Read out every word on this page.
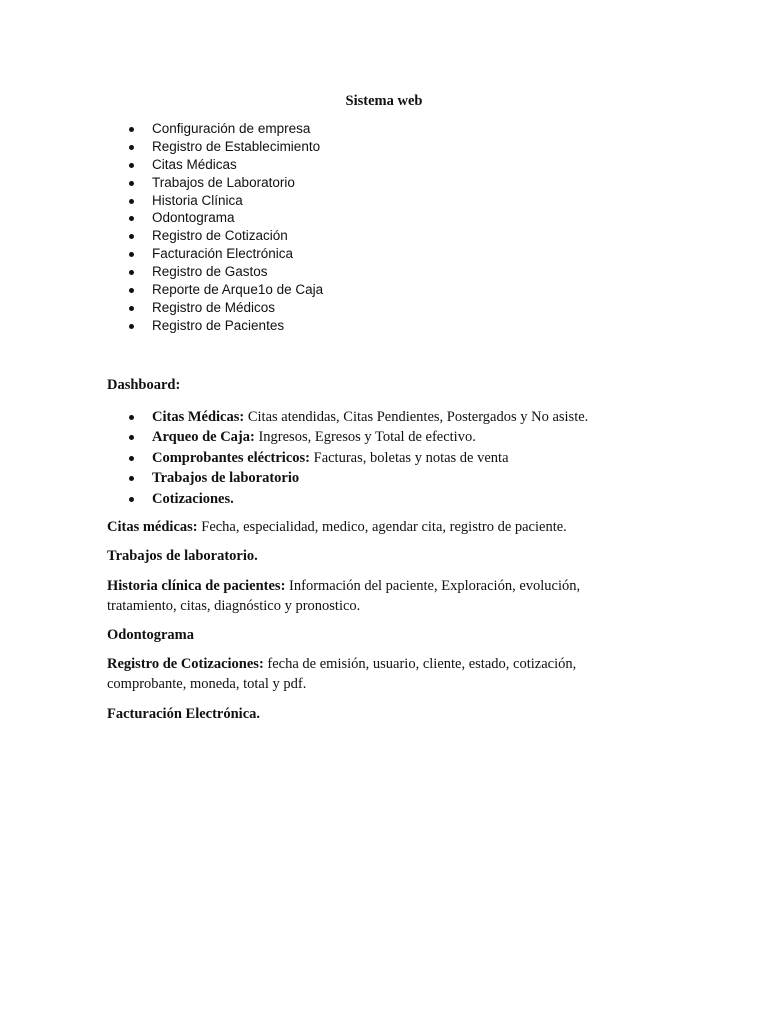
Sistema web
Configuración de empresa
Registro de Establecimiento
Citas Médicas
Trabajos de Laboratorio
Historia Clínica
Odontograma
Registro de Cotización
Facturación Electrónica
Registro de Gastos
Reporte de Arque1o de Caja
Registro de Médicos
Registro de Pacientes
Dashboard:
Citas Médicas: Citas atendidas, Citas Pendientes, Postergados y No asiste.
Arqueo de Caja: Ingresos, Egresos y Total de efectivo.
Comprobantes eléctricos: Facturas, boletas y notas de venta
Trabajos de laboratorio
Cotizaciones.

Citas médicas: Fecha, especialidad, medico, agendar cita, registro de paciente.

Trabajos de laboratorio.

Historia clínica de pacientes: Información del paciente, Exploración, evolución, tratamiento, citas, diagnóstico y pronostico.

Odontograma

Registro de Cotizaciones: fecha de emisión, usuario, cliente, estado, cotización, comprobante, moneda, total y pdf.

Facturación Electrónica.
